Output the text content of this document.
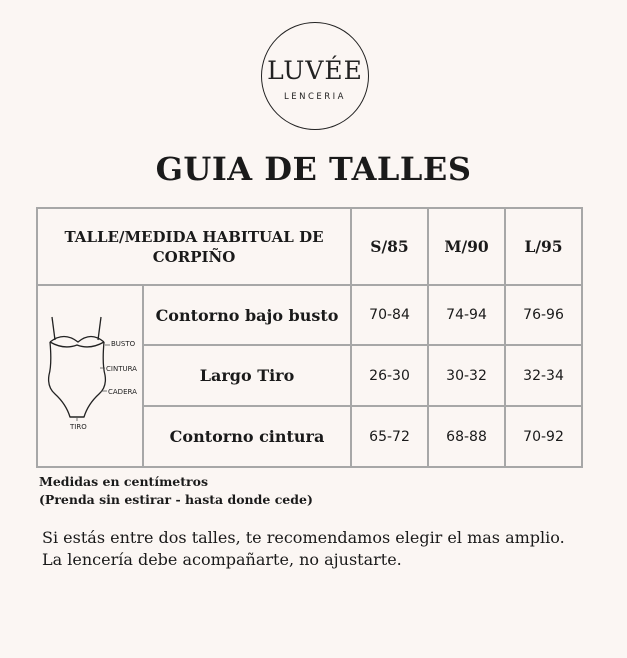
LUVÉE
LENCERIA
GUIA DE TALLES
TALLE/MEDIDA HABITUAL DE CORPIÑO		S/85	M/90	L/95

BUSTO
CINTURA
CADERA
TIRO	Contorno bajo busto	70-84	74-94	76-96
	Largo Tiro	26-30	30-32	32-34
	Contorno cintura	65-72	68-88	70-92
Medidas en centímetros
(Prenda sin estirar - hasta donde cede)
Si estás entre dos talles, te recomendamos elegir el mas amplio.
La lencería debe acompañarte, no ajustarte.
